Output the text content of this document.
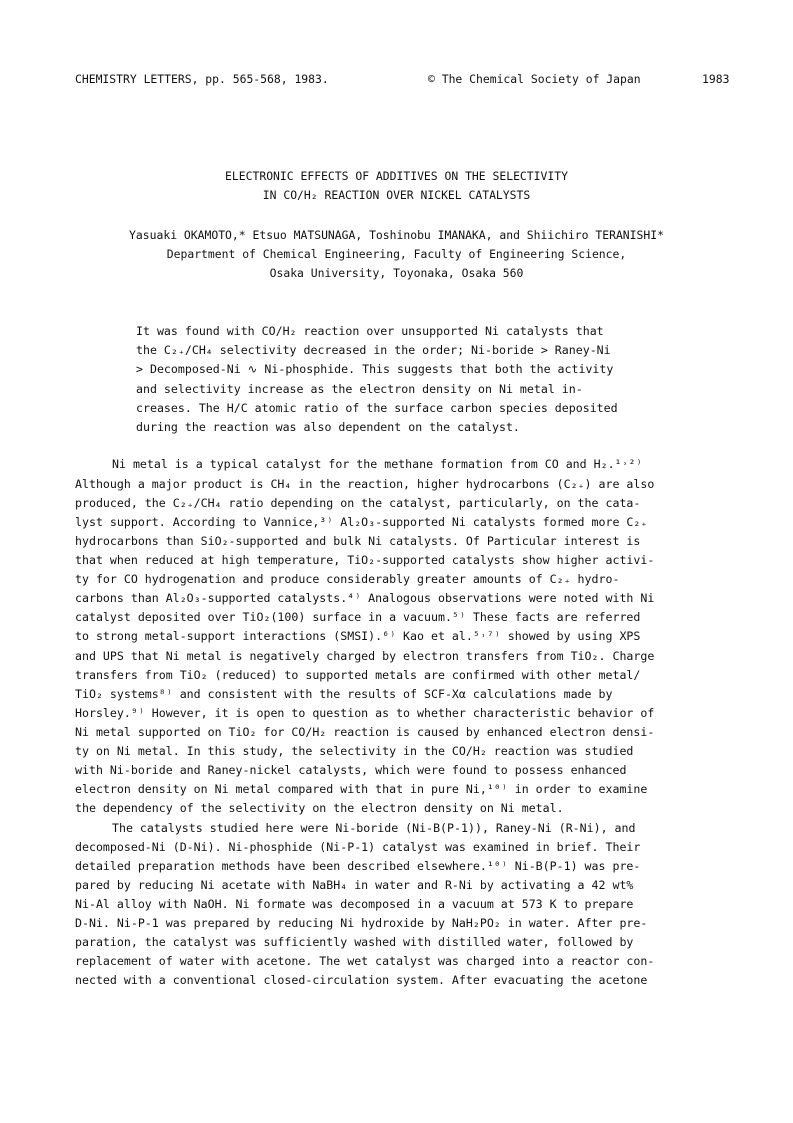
CHEMISTRY LETTERS, pp. 565-568, 1983.	© The Chemical Society of Japan	1983
ELECTRONIC EFFECTS OF ADDITIVES ON THE SELECTIVITY
IN CO/H₂ REACTION OVER NICKEL CATALYSTS
Yasuaki OKAMOTO,* Etsuo MATSUNAGA, Toshinobu IMANAKA, and Shiichiro TERANISHI*
Department of Chemical Engineering, Faculty of Engineering Science,
Osaka University, Toyonaka, Osaka 560
It was found with CO/H₂ reaction over unsupported Ni catalysts that
the C₂₊/CH₄ selectivity decreased in the order; Ni-boride > Raney-Ni
> Decomposed-Ni ∿ Ni-phosphide. This suggests that both the activity
and selectivity increase as the electron density on Ni metal in-
creases. The H/C atomic ratio of the surface carbon species deposited
during the reaction was also dependent on the catalyst.
Ni metal is a typical catalyst for the methane formation from CO and H₂.¹˒²⁾
Although a major product is CH₄ in the reaction, higher hydrocarbons (C₂₊) are also
produced, the C₂₊/CH₄ ratio depending on the catalyst, particularly, on the cata-
lyst support. According to Vannice,³⁾ Al₂O₃-supported Ni catalysts formed more C₂₊
hydrocarbons than SiO₂-supported and bulk Ni catalysts. Of Particular interest is
that when reduced at high temperature, TiO₂-supported catalysts show higher activi-
ty for CO hydrogenation and produce considerably greater amounts of C₂₊ hydro-
carbons than Al₂O₃-supported catalysts.⁴⁾ Analogous observations were noted with Ni
catalyst deposited over TiO₂(100) surface in a vacuum.⁵⁾ These facts are referred
to strong metal-support interactions (SMSI).⁶⁾ Kao et al.⁵˒⁷⁾ showed by using XPS
and UPS that Ni metal is negatively charged by electron transfers from TiO₂. Charge
transfers from TiO₂ (reduced) to supported metals are confirmed with other metal/
TiO₂ systems⁸⁾ and consistent with the results of SCF-Xα calculations made by
Horsley.⁹⁾ However, it is open to question as to whether characteristic behavior of
Ni metal supported on TiO₂ for CO/H₂ reaction is caused by enhanced electron densi-
ty on Ni metal. In this study, the selectivity in the CO/H₂ reaction was studied
with Ni-boride and Raney-nickel catalysts, which were found to possess enhanced
electron density on Ni metal compared with that in pure Ni,¹⁰⁾ in order to examine
the dependency of the selectivity on the electron density on Ni metal.
The catalysts studied here were Ni-boride (Ni-B(P-1)), Raney-Ni (R-Ni), and
decomposed-Ni (D-Ni). Ni-phosphide (Ni-P-1) catalyst was examined in brief. Their
detailed preparation methods have been described elsewhere.¹⁰⁾ Ni-B(P-1) was pre-
pared by reducing Ni acetate with NaBH₄ in water and R-Ni by activating a 42 wt%
Ni-Al alloy with NaOH. Ni formate was decomposed in a vacuum at 573 K to prepare
D-Ni. Ni-P-1 was prepared by reducing Ni hydroxide by NaH₂PO₂ in water. After pre-
paration, the catalyst was sufficiently washed with distilled water, followed by
replacement of water with acetone. The wet catalyst was charged into a reactor con-
nected with a conventional closed-circulation system. After evacuating the acetone
